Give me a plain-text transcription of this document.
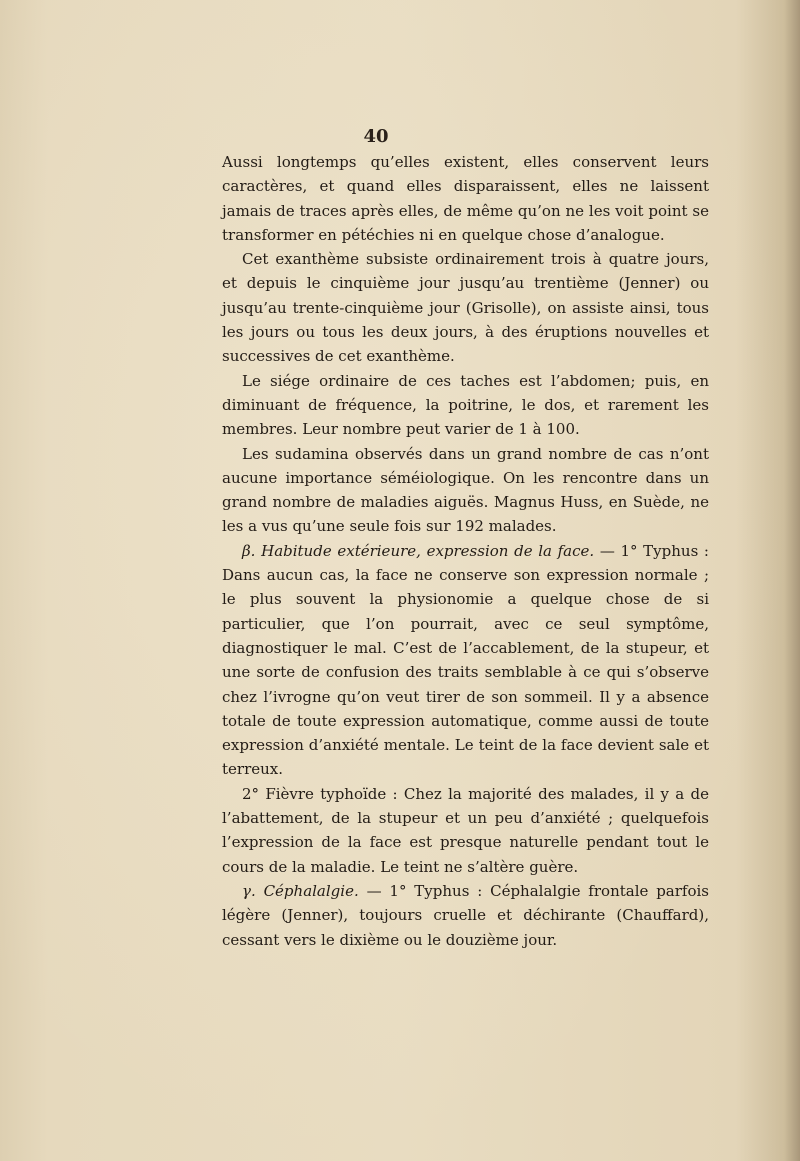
40

Aussi longtemps qu’elles existent, elles conservent leurs caractères, et quand elles disparaissent, elles ne laissent jamais de traces après elles, de même qu’on ne les voit point se transformer en pétéchies ni en quelque chose d’analogue.

Cet exanthème subsiste ordinairement trois à quatre jours, et depuis le cinquième jour jusqu’au trentième (Jenner) ou jusqu’au trente-cinquième jour (Grisolle), on assiste ainsi, tous les jours ou tous les deux jours, à des éruptions nouvelles et successives de cet exanthème.

Le siége ordinaire de ces taches est l’abdomen; puis, en diminuant de fréquence, la poitrine, le dos, et rarement les membres. Leur nombre peut varier de 1 à 100.

Les sudamina observés dans un grand nombre de cas n’ont aucune importance séméiologique. On les rencontre dans un grand nombre de maladies aiguës. Magnus Huss, en Suède, ne les a vus qu’une seule fois sur 192 malades.

β. Habitude extérieure, expression de la face. — 1° Typhus : Dans aucun cas, la face ne conserve son expression normale ; le plus souvent la physionomie a quelque chose de si particulier, que l’on pourrait, avec ce seul symptôme, diagnostiquer le mal. C’est de l’accablement, de la stupeur, et une sorte de confusion des traits semblable à ce qui s’observe chez l’ivrogne qu’on veut tirer de son sommeil. Il y a absence totale de toute expression automatique, comme aussi de toute expression d’anxiété mentale. Le teint de la face devient sale et terreux.

2° Fièvre typhoïde : Chez la majorité des malades, il y a de l’abattement, de la stupeur et un peu d’anxiété ; quelquefois l’expression de la face est presque naturelle pendant tout le cours de la maladie. Le teint ne s’altère guère.

γ. Céphalalgie. — 1° Typhus : Céphalalgie frontale parfois légère (Jenner), toujours cruelle et déchirante (Chauffard), cessant vers le dixième ou le douzième jour.
